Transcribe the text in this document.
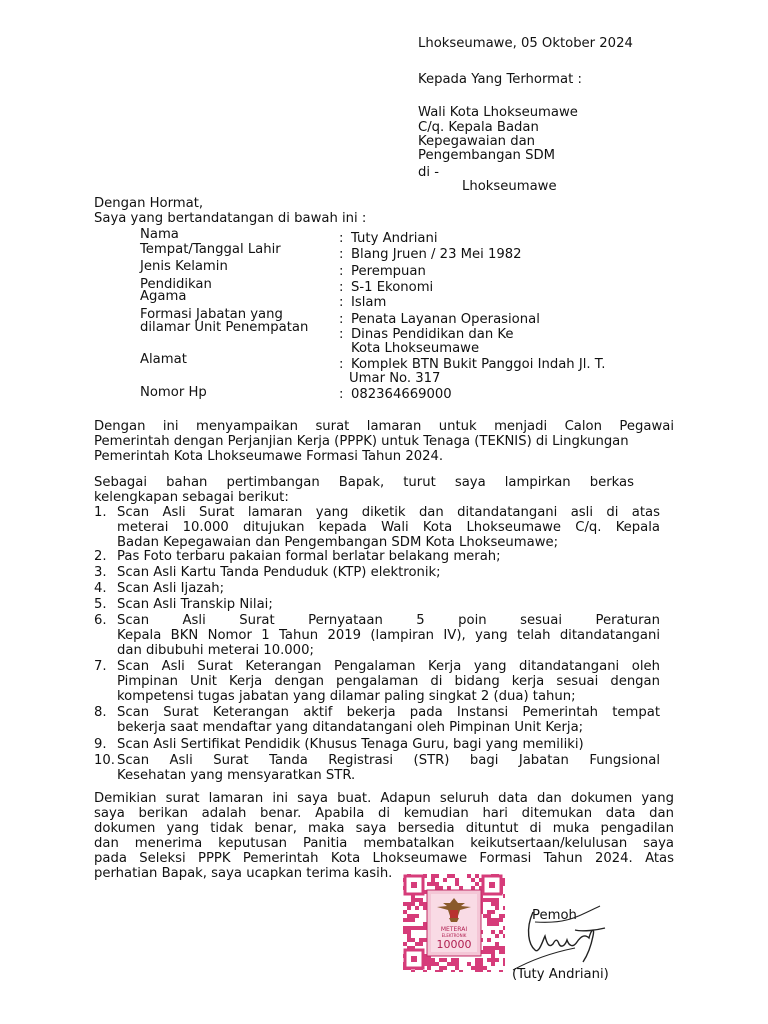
Lhokseumawe, 05 Oktober 2024
Kepada Yang Terhormat :
Wali Kota Lhokseumawe
C/q. Kepala Badan
Kepegawaian dan
Pengembangan SDM
di -
Lhokseumawe
Dengan Hormat,
Saya yang bertandatangan di bawah ini :
Nama	: Tuty Andriani
Tempat/Tanggal Lahir	: Blang Jruen / 23 Mei 1982
Jenis Kelamin	: Perempuan
Pendidikan	: S-1 Ekonomi
Agama	: Islam
Formasi Jabatan yang	: Penata Layanan Operasional
dilamar Unit Penempatan : Dinas Pendidikan dan Ke
Kota Lhokseumawe
Alamat	: Komplek BTN Bukit Panggoi Indah Jl. T.
Umar No. 317
Nomor Hp	: 082364669000
Dengan ini menyampaikan surat lamaran untuk menjadi Calon Pegawai
Pemerintah dengan Perjanjian Kerja (PPPK) untuk Tenaga (TEKNIS) di Lingkungan
Pemerintah Kota Lhokseumawe Formasi Tahun 2024.
Sebagai bahan pertimbangan Bapak, turut saya lampirkan berkas
kelengkapan sebagai berikut:
1. Scan Asli Surat lamaran yang diketik dan ditandatangani asli di atas
meterai 10.000 ditujukan kepada Wali Kota Lhokseumawe C/q. Kepala
Badan Kepegawaian dan Pengembangan SDM Kota Lhokseumawe;
2. Pas Foto terbaru pakaian formal berlatar belakang merah;
3. Scan Asli Kartu Tanda Penduduk (KTP) elektronik;
4. Scan Asli Ijazah;
5. Scan Asli Transkip Nilai;
6. Scan Asli Surat Pernyataan 5 poin sesuai Peraturan
Kepala BKN Nomor 1 Tahun 2019 (lampiran IV), yang telah ditandatangani
dan dibubuhi meterai 10.000;
7. Scan Asli Surat Keterangan Pengalaman Kerja yang ditandatangani oleh
Pimpinan Unit Kerja dengan pengalaman di bidang kerja sesuai dengan
kompetensi tugas jabatan yang dilamar paling singkat 2 (dua) tahun;
8. Scan Surat Keterangan aktif bekerja pada Instansi Pemerintah tempat
bekerja saat mendaftar yang ditandatangani oleh Pimpinan Unit Kerja;
9. Scan Asli Sertifikat Pendidik (Khusus Tenaga Guru, bagi yang memiliki)
10. Scan Asli Surat Tanda Registrasi (STR) bagi Jabatan Fungsional
Kesehatan yang mensyaratkan STR.
Demikian surat lamaran ini saya buat. Adapun seluruh data dan dokumen yang
saya berikan adalah benar. Apabila di kemudian hari ditemukan data dan
dokumen yang tidak benar, maka saya bersedia dituntut di muka pengadilan
dan menerima keputusan Panitia membatalkan keikutsertaan/kelulusan saya
pada Seleksi PPPK Pemerintah Kota Lhokseumawe Formasi Tahun 2024. Atas
perhatian Bapak, saya ucapkan terima kasih.
Pemoh
METERAI
ELEKTRONIK
10000
(Tuty Andriani)
